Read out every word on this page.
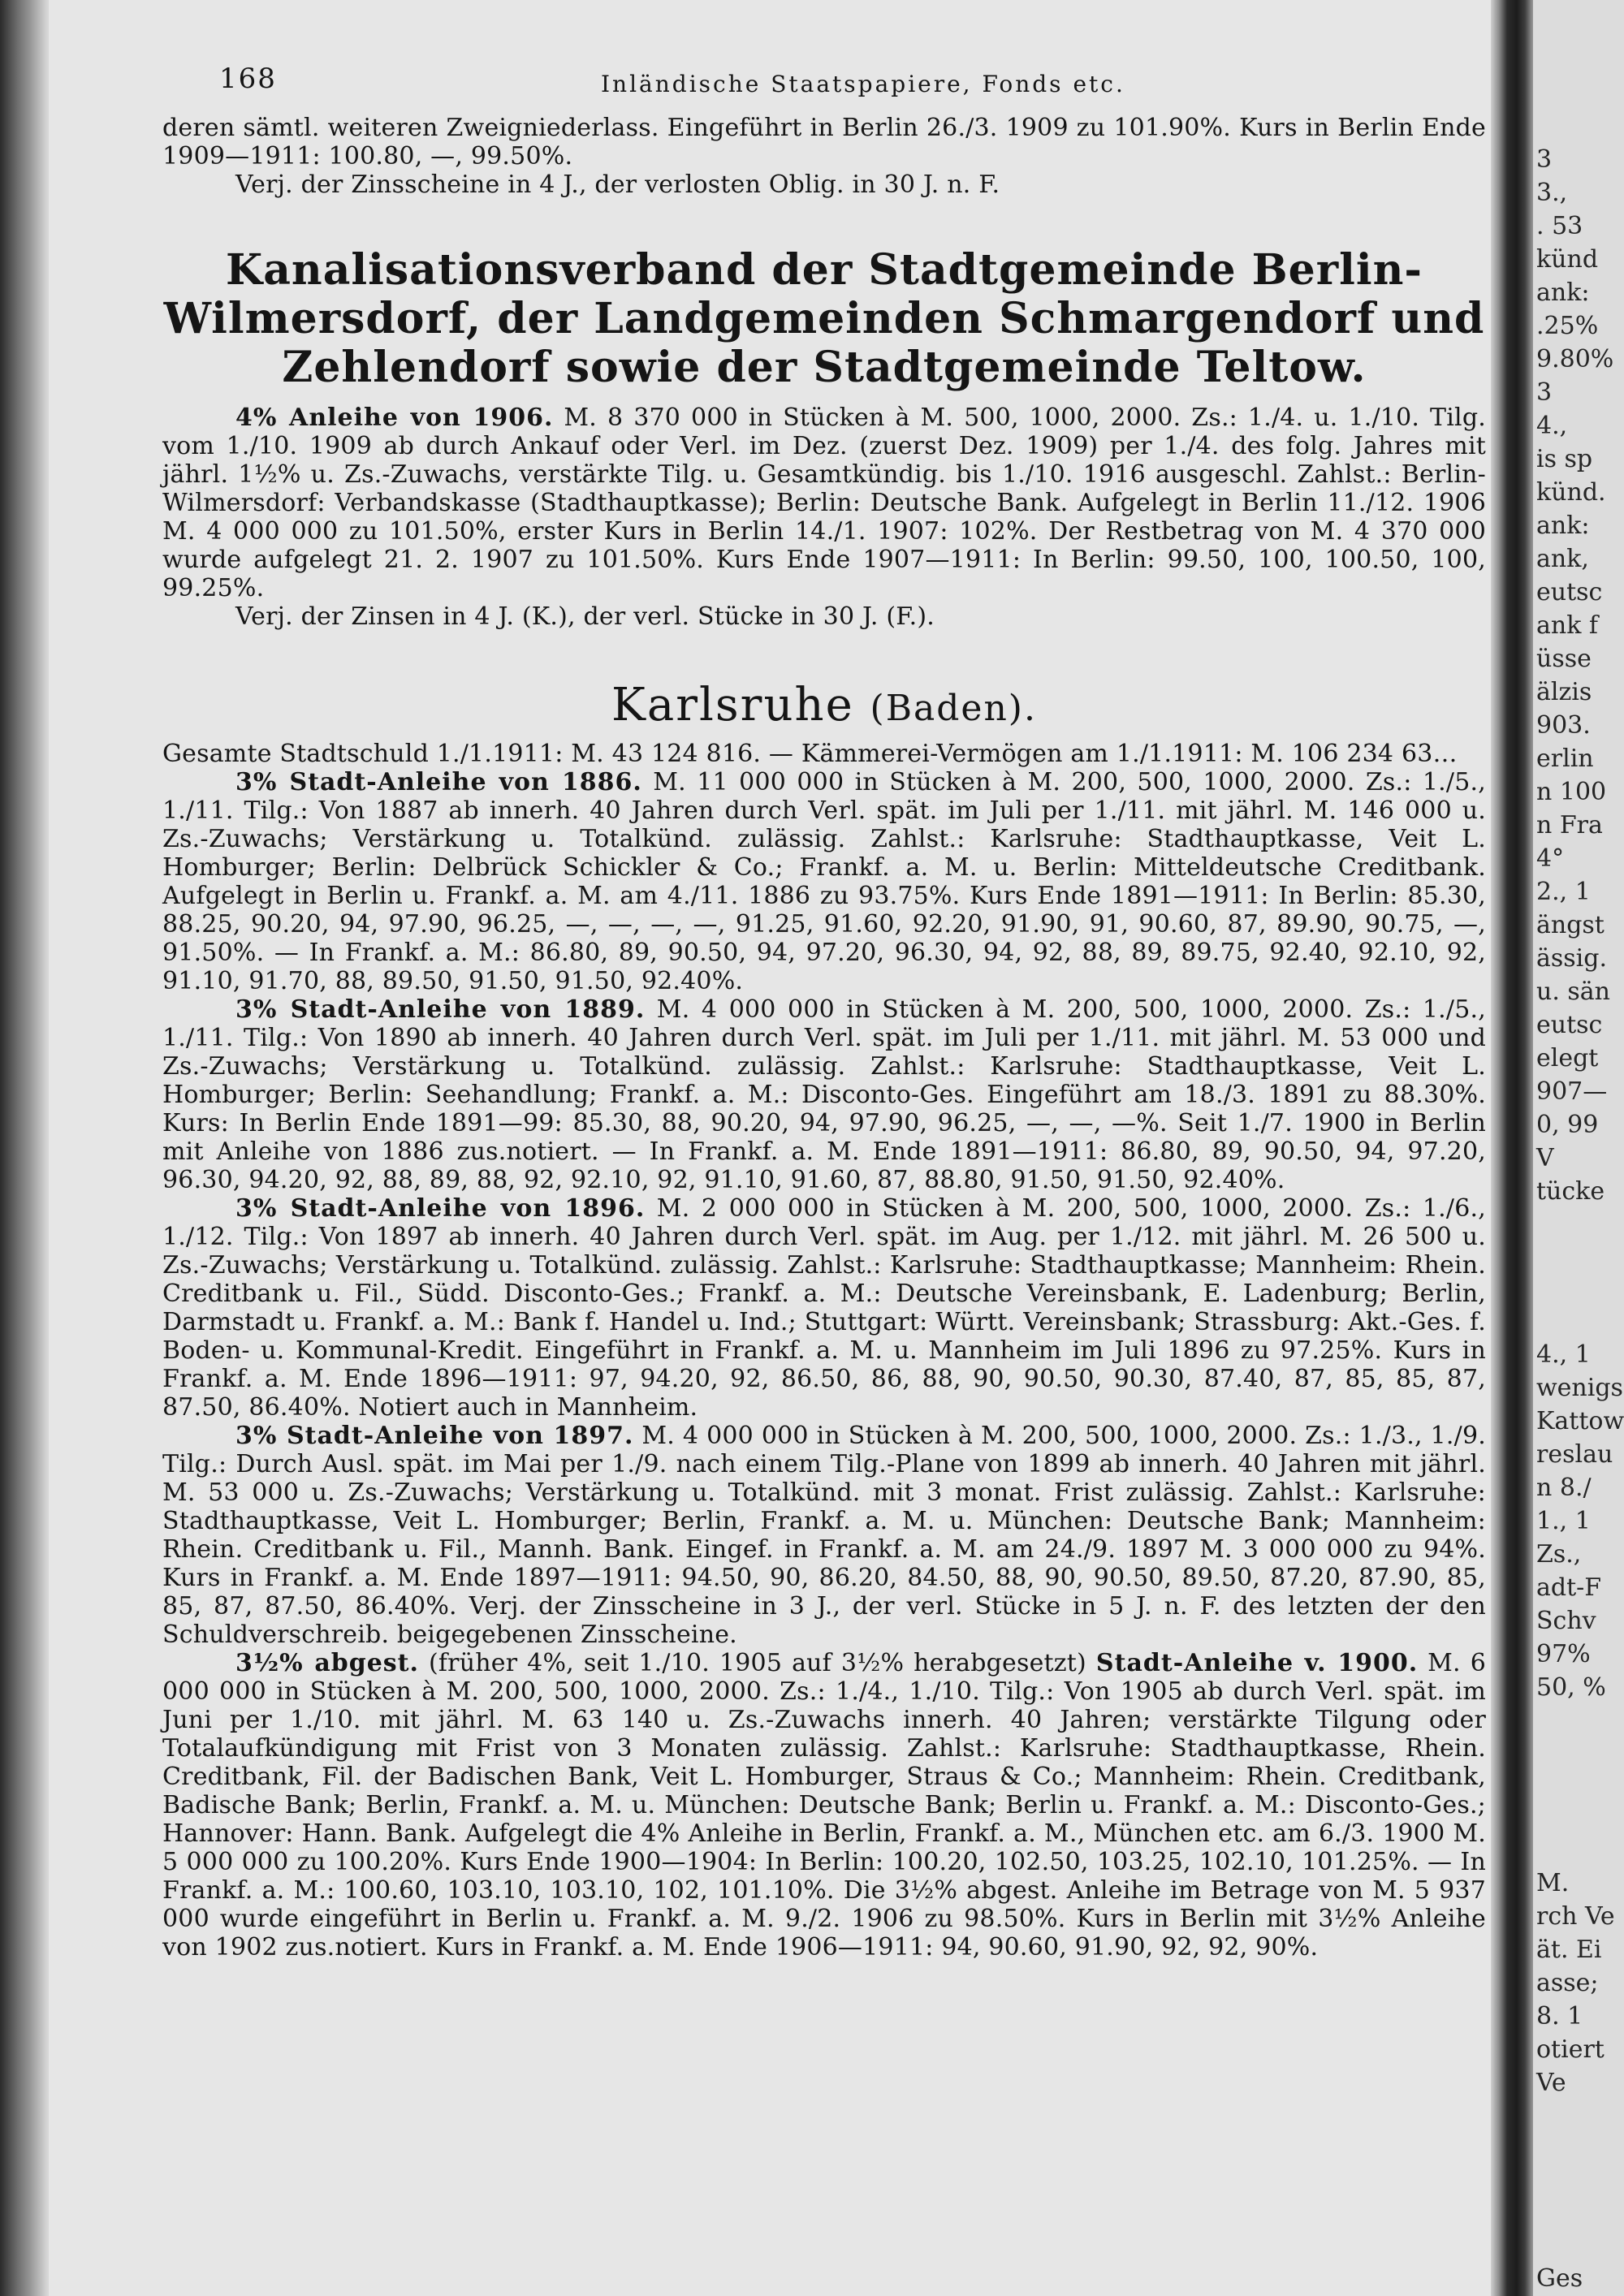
168	Inländische Staatspapiere, Fonds etc.

deren sämtl. weiteren Zweigniederlass. Eingeführt in Berlin 26./3. 1909 zu 101.90%. Kurs in Berlin Ende 1909—1911: 100.80, —, 99.50%.

Verj. der Zinsscheine in 4 J., der verlosten Oblig. in 30 J. n. F.

Kanalisationsverband der Stadtgemeinde Berlin-
Wilmersdorf, der Landgemeinden Schmargendorf und
Zehlendorf sowie der Stadtgemeinde Teltow.

4% Anleihe von 1906. M. 8 370 000 in Stücken à M. 500, 1000, 2000. Zs.: 1./4. u. 1./10. Tilg. vom 1./10. 1909 ab durch Ankauf oder Verl. im Dez. (zuerst Dez. 1909) per 1./4. des folg. Jahres mit jährl. 1½% u. Zs.-Zuwachs, verstärkte Tilg. u. Gesamtkündig. bis 1./10. 1916 ausgeschl. Zahlst.: Berlin-Wilmersdorf: Verbandskasse (Stadthauptkasse); Berlin: Deutsche Bank. Aufgelegt in Berlin 11./12. 1906 M. 4 000 000 zu 101.50%, erster Kurs in Berlin 14./1. 1907: 102%. Der Restbetrag von M. 4 370 000 wurde aufgelegt 21. 2. 1907 zu 101.50%. Kurs Ende 1907—1911: In Berlin: 99.50, 100, 100.50, 100, 99.25%.

Verj. der Zinsen in 4 J. (K.), der verl. Stücke in 30 J. (F.).

Karlsruhe (Baden).

Gesamte Stadtschuld 1./1.1911: M. 43 124 816. — Kämmerei-Vermögen am 1./1.1911: M. 106 234 63…

3% Stadt-Anleihe von 1886. M. 11 000 000 in Stücken à M. 200, 500, 1000, 2000. Zs.: 1./5., 1./11. Tilg.: Von 1887 ab innerh. 40 Jahren durch Verl. spät. im Juli per 1./11. mit jährl. M. 146 000 u. Zs.-Zuwachs; Verstärkung u. Totalkünd. zulässig. Zahlst.: Karlsruhe: Stadthauptkasse, Veit L. Homburger; Berlin: Delbrück Schickler & Co.; Frankf. a. M. u. Berlin: Mitteldeutsche Creditbank. Aufgelegt in Berlin u. Frankf. a. M. am 4./11. 1886 zu 93.75%. Kurs Ende 1891—1911: In Berlin: 85.30, 88.25, 90.20, 94, 97.90, 96.25, —, —, —, —, 91.25, 91.60, 92.20, 91.90, 91, 90.60, 87, 89.90, 90.75, —, 91.50%. — In Frankf. a. M.: 86.80, 89, 90.50, 94, 97.20, 96.30, 94, 92, 88, 89, 89.75, 92.40, 92.10, 92, 91.10, 91.70, 88, 89.50, 91.50, 91.50, 92.40%.

3% Stadt-Anleihe von 1889. M. 4 000 000 in Stücken à M. 200, 500, 1000, 2000. Zs.: 1./5., 1./11. Tilg.: Von 1890 ab innerh. 40 Jahren durch Verl. spät. im Juli per 1./11. mit jährl. M. 53 000 und Zs.-Zuwachs; Verstärkung u. Totalkünd. zulässig. Zahlst.: Karlsruhe: Stadthauptkasse, Veit L. Homburger; Berlin: Seehandlung; Frankf. a. M.: Disconto-Ges. Eingeführt am 18./3. 1891 zu 88.30%. Kurs: In Berlin Ende 1891—99: 85.30, 88, 90.20, 94, 97.90, 96.25, —, —, —%. Seit 1./7. 1900 in Berlin mit Anleihe von 1886 zus.notiert. — In Frankf. a. M. Ende 1891—1911: 86.80, 89, 90.50, 94, 97.20, 96.30, 94.20, 92, 88, 89, 88, 92, 92.10, 92, 91.10, 91.60, 87, 88.80, 91.50, 91.50, 92.40%.

3% Stadt-Anleihe von 1896. M. 2 000 000 in Stücken à M. 200, 500, 1000, 2000. Zs.: 1./6., 1./12. Tilg.: Von 1897 ab innerh. 40 Jahren durch Verl. spät. im Aug. per 1./12. mit jährl. M. 26 500 u. Zs.-Zuwachs; Verstärkung u. Totalkünd. zulässig. Zahlst.: Karlsruhe: Stadthauptkasse; Mannheim: Rhein. Creditbank u. Fil., Südd. Disconto-Ges.; Frankf. a. M.: Deutsche Vereinsbank, E. Ladenburg; Berlin, Darmstadt u. Frankf. a. M.: Bank f. Handel u. Ind.; Stuttgart: Württ. Vereinsbank; Strassburg: Akt.-Ges. f. Boden- u. Kommunal-Kredit. Eingeführt in Frankf. a. M. u. Mannheim im Juli 1896 zu 97.25%. Kurs in Frankf. a. M. Ende 1896—1911: 97, 94.20, 92, 86.50, 86, 88, 90, 90.50, 90.30, 87.40, 87, 85, 85, 87, 87.50, 86.40%. Notiert auch in Mannheim.

3% Stadt-Anleihe von 1897. M. 4 000 000 in Stücken à M. 200, 500, 1000, 2000. Zs.: 1./3., 1./9. Tilg.: Durch Ausl. spät. im Mai per 1./9. nach einem Tilg.-Plane von 1899 ab innerh. 40 Jahren mit jährl. M. 53 000 u. Zs.-Zuwachs; Verstärkung u. Totalkünd. mit 3 monat. Frist zulässig. Zahlst.: Karlsruhe: Stadthauptkasse, Veit L. Homburger; Berlin, Frankf. a. M. u. München: Deutsche Bank; Mannheim: Rhein. Creditbank u. Fil., Mannh. Bank. Eingef. in Frankf. a. M. am 24./9. 1897 M. 3 000 000 zu 94%. Kurs in Frankf. a. M. Ende 1897—1911: 94.50, 90, 86.20, 84.50, 88, 90, 90.50, 89.50, 87.20, 87.90, 85, 85, 87, 87.50, 86.40%. Verj. der Zinsscheine in 3 J., der verl. Stücke in 5 J. n. F. des letzten der den Schuldverschreib. beigegebenen Zinsscheine.

3½% abgest. (früher 4%, seit 1./10. 1905 auf 3½% herabgesetzt) Stadt-Anleihe v. 1900. M. 6 000 000 in Stücken à M. 200, 500, 1000, 2000. Zs.: 1./4., 1./10. Tilg.: Von 1905 ab durch Verl. spät. im Juni per 1./10. mit jährl. M. 63 140 u. Zs.-Zuwachs innerh. 40 Jahren; verstärkte Tilgung oder Totalaufkündigung mit Frist von 3 Monaten zulässig. Zahlst.: Karlsruhe: Stadthauptkasse, Rhein. Creditbank, Fil. der Badischen Bank, Veit L. Homburger, Straus & Co.; Mannheim: Rhein. Creditbank, Badische Bank; Berlin, Frankf. a. M. u. München: Deutsche Bank; Berlin u. Frankf. a. M.: Disconto-Ges.; Hannover: Hann. Bank. Aufgelegt die 4% Anleihe in Berlin, Frankf. a. M., München etc. am 6./3. 1900 M. 5 000 000 zu 100.20%. Kurs Ende 1900—1904: In Berlin: 100.20, 102.50, 103.25, 102.10, 101.25%. — In Frankf. a. M.: 100.60, 103.10, 103.10, 102, 101.10%. Die 3½% abgest. Anleihe im Betrage von M. 5 937 000 wurde eingeführt in Berlin u. Frankf. a. M. 9./2. 1906 zu 98.50%. Kurs in Berlin mit 3½% Anleihe von 1902 zus.notiert. Kurs in Frankf. a. M. Ende 1906—1911: 94, 90.60, 91.90, 92, 92, 90%.

3
3.,
. 53
künd
ank:
.25%
9.80%
3
4.,
is sp
künd.
ank:
ank,
eutsc
ank f
üsse
älzis
903.
erlin
n 100
n Fra
4°
2., 1
ängst
ässig.
u. sän
eutsc
elegt
907—
0, 99
V
tücke
4., 1
wenigs
Kattow
reslau
n 8./
1., 1
Zs.,
adt-F
Schv
97%
50, %
M.
rch Ve
ät. Ei
asse;
8. 1
otiert
Ve
Ges
